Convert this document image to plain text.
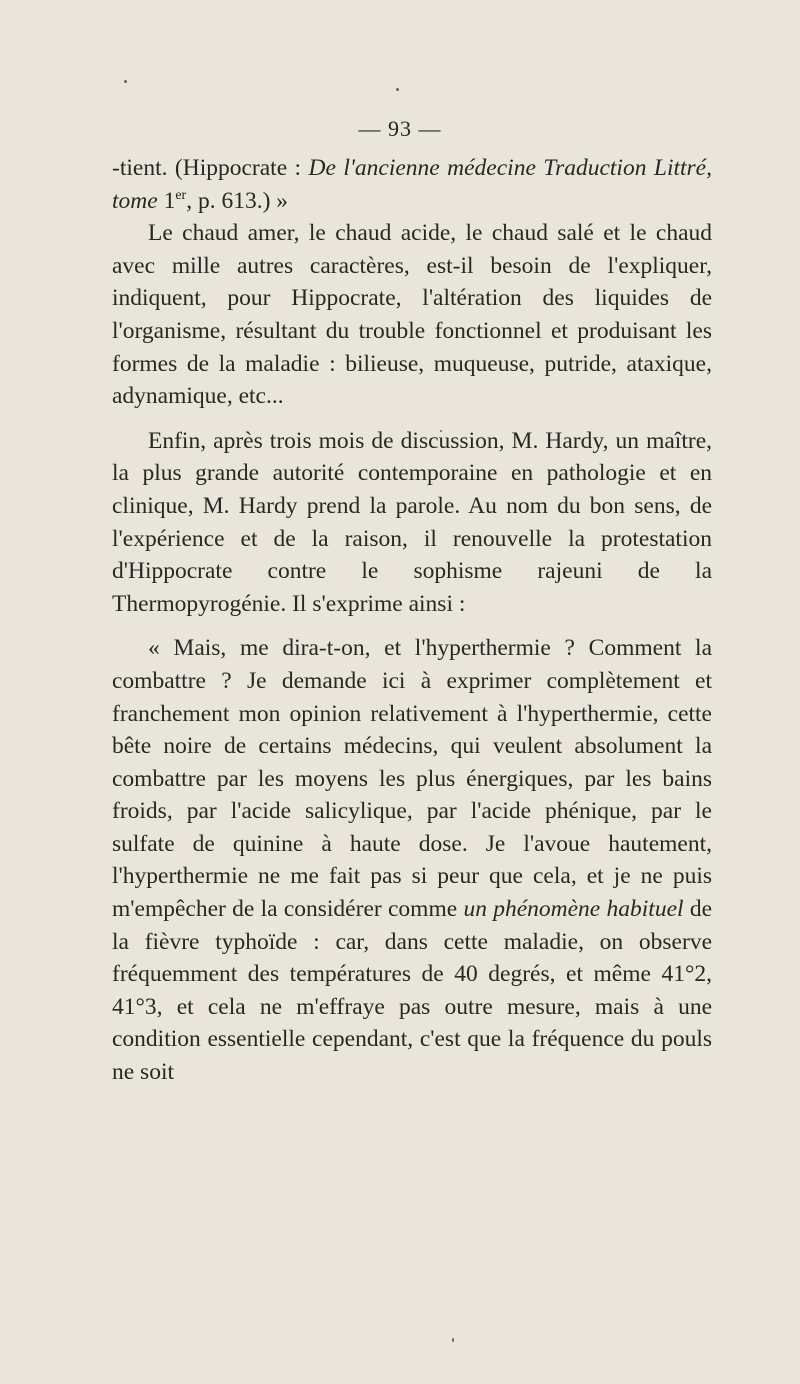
— 93 —

-tient. (Hippocrate : De l'ancienne médecine Traduction Littré, tome 1er, p. 613.) »

Le chaud amer, le chaud acide, le chaud salé et le chaud avec mille autres caractères, est-il besoin de l'expliquer, indiquent, pour Hippocrate, l'altération des liquides de l'organisme, résultant du trouble fonctionnel et produisant les formes de la maladie : bilieuse, muqueuse, putride, ataxique, adynamique, etc...

Enfin, après trois mois de discussion, M. Hardy, un maître, la plus grande autorité contemporaine en pathologie et en clinique, M. Hardy prend la parole. Au nom du bon sens, de l'expérience et de la raison, il renouvelle la protestation d'Hippocrate contre le sophisme rajeuni de la Thermopyrogénie. Il s'exprime ainsi :

« Mais, me dira-t-on, et l'hyperthermie ? Comment la combattre ? Je demande ici à exprimer complètement et franchement mon opinion relativement à l'hyperthermie, cette bête noire de certains médecins, qui veulent absolument la combattre par les moyens les plus énergiques, par les bains froids, par l'acide salicylique, par l'acide phénique, par le sulfate de quinine à haute dose. Je l'avoue hautement, l'hyperthermie ne me fait pas si peur que cela, et je ne puis m'empêcher de la considérer comme un phénomène habituel de la fièvre typhoïde : car, dans cette maladie, on observe fréquemment des températures de 40 degrés, et même 41°2, 41°3, et cela ne m'effraye pas outre mesure, mais à une condition essentielle cependant, c'est que la fréquence du pouls ne soit
